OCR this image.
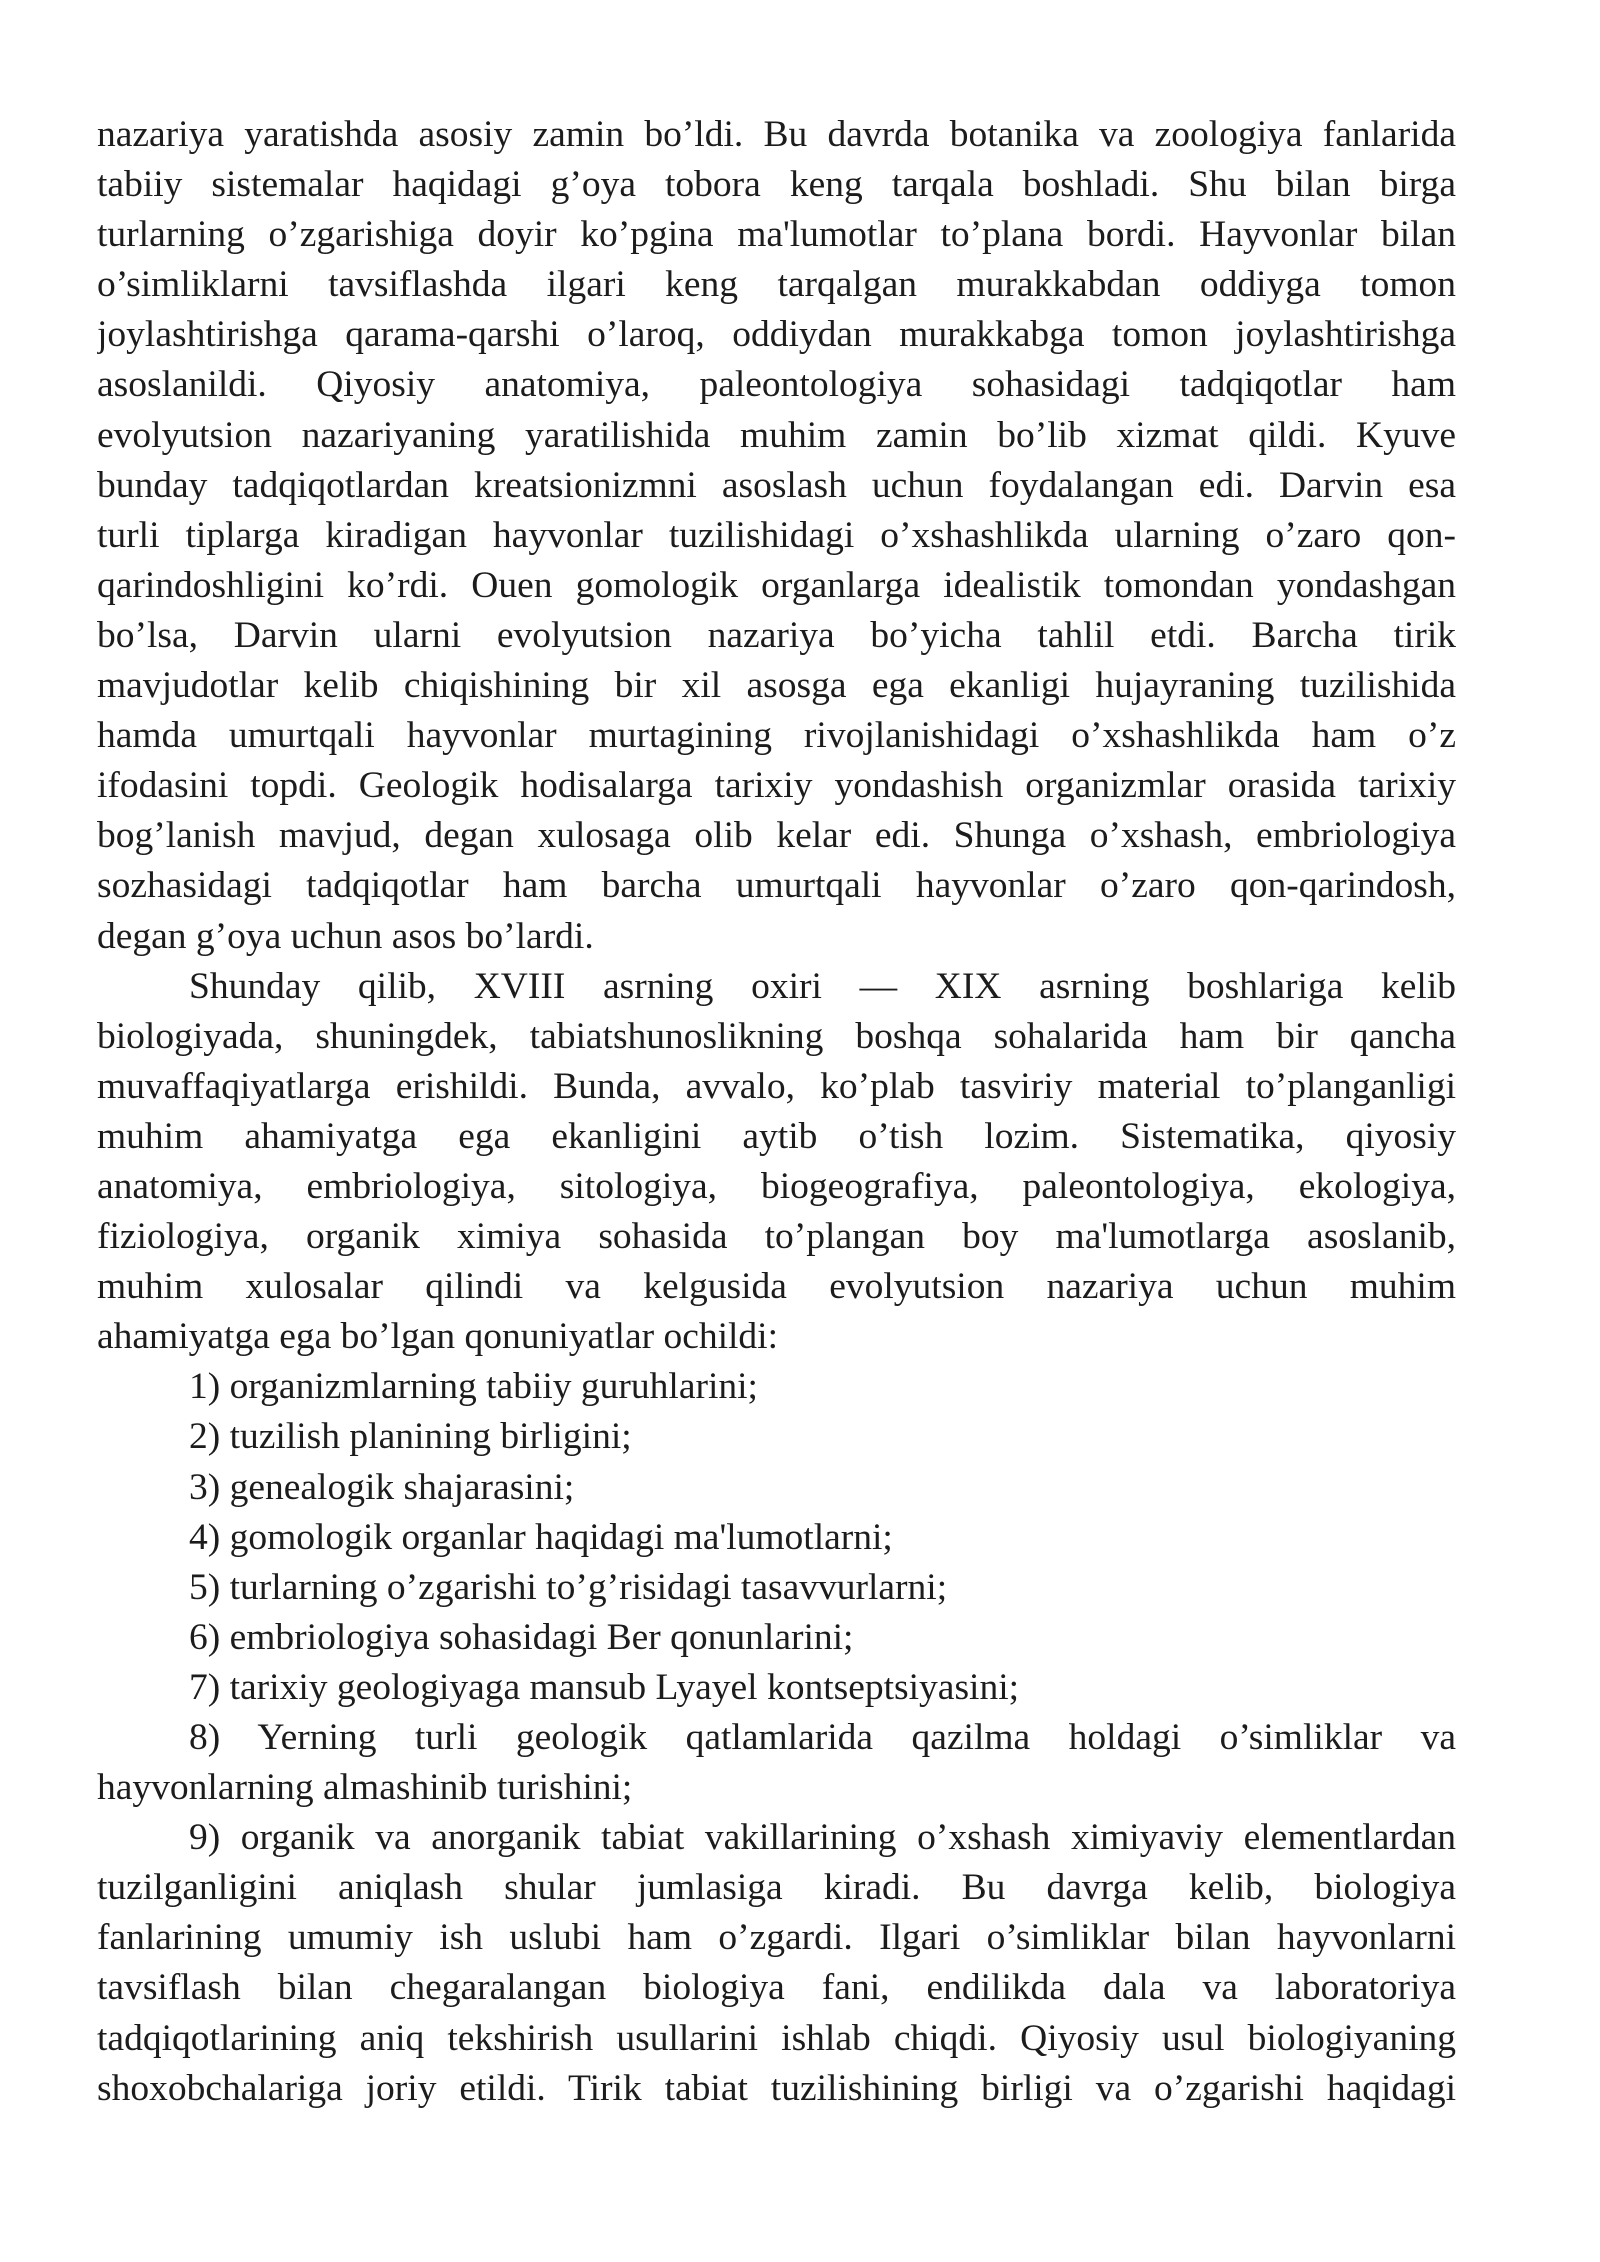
nazariya yaratishda asosiy zamin bo’ldi. Bu davrda botanika va zoologiya fanlarida
tabiiy sistemalar haqidagi g’oya tobora keng tarqala boshladi. Shu bilan birga
turlarning o’zgarishiga doyir ko’pgina ma'lumotlar to’plana bordi. Hayvonlar bilan
o’simliklarni tavsiflashda ilgari keng tarqalgan murakkabdan oddiyga tomon
joylashtirishga qarama-qarshi o’laroq, oddiydan murakkabga tomon joylashtirishga
asoslanildi. Qiyosiy anatomiya, paleontologiya sohasidagi tadqiqotlar ham
evolyutsion nazariyaning yaratilishida muhim zamin bo’lib xizmat qildi. Kyuve
bunday tadqiqotlardan kreatsionizmni asoslash uchun foydalangan edi. Darvin esa
turli tiplarga kiradigan hayvonlar tuzilishidagi o’xshashlikda ularning o’zaro qon-
qarindoshligini ko’rdi. Ouen gomologik organlarga idealistik tomondan yondashgan
bo’lsa, Darvin ularni evolyutsion nazariya bo’yicha tahlil etdi. Barcha tirik
mavjudotlar kelib chiqishining bir xil asosga ega ekanligi hujayraning tuzilishida
hamda umurtqali hayvonlar murtagining rivojlanishidagi o’xshashlikda ham o’z
ifodasini topdi. Geologik hodisalarga tarixiy yondashish organizmlar orasida tarixiy
bog’lanish mavjud, degan xulosaga olib kelar edi. Shunga o’xshash, embriologiya
sozhasidagi tadqiqotlar ham barcha umurtqali hayvonlar o’zaro qon-qarindosh,
degan g’oya uchun asos bo’lardi.
Shunday qilib, XVIII asrning oxiri — XIX asrning boshlariga kelib
biologiyada, shuningdek, tabiatshunoslikning boshqa sohalarida ham bir qancha
muvaffaqiyatlarga erishildi. Bunda, avvalo, ko’plab tasviriy material to’planganligi
muhim ahamiyatga ega ekanligini aytib o’tish lozim. Sistematika, qiyosiy
anatomiya, embriologiya, sitologiya, biogeografiya, paleontologiya, ekologiya,
fiziologiya, organik ximiya sohasida to’plangan boy ma'lumotlarga asoslanib,
muhim xulosalar qilindi va kelgusida evolyutsion nazariya uchun muhim
ahamiyatga ega bo’lgan qonuniyatlar ochildi:
1) organizmlarning tabiiy guruhlarini;
2) tuzilish planining birligini;
3) genealogik shajarasini;
4) gomologik organlar haqidagi ma'lumotlarni;
5) turlarning o’zgarishi to’g’risidagi tasavvurlarni;
6) embriologiya sohasidagi Ber qonunlarini;
7) tarixiy geologiyaga mansub Lyayel kontseptsiyasini;
8) Yerning turli geologik qatlamlarida qazilma holdagi o’simliklar va
hayvonlarning almashinib turishini;
9) organik va anorganik tabiat vakillarining o’xshash ximiyaviy elementlardan
tuzilganligini aniqlash shular jumlasiga kiradi. Bu davrga kelib, biologiya
fanlarining umumiy ish uslubi ham o’zgardi. Ilgari o’simliklar bilan hayvonlarni
tavsiflash bilan chegaralangan biologiya fani, endilikda dala va laboratoriya
tadqiqotlarining aniq tekshirish usullarini ishlab chiqdi. Qiyosiy usul biologiyaning
shoxobchalariga joriy etildi. Tirik tabiat tuzilishining birligi va o’zgarishi haqidagi
